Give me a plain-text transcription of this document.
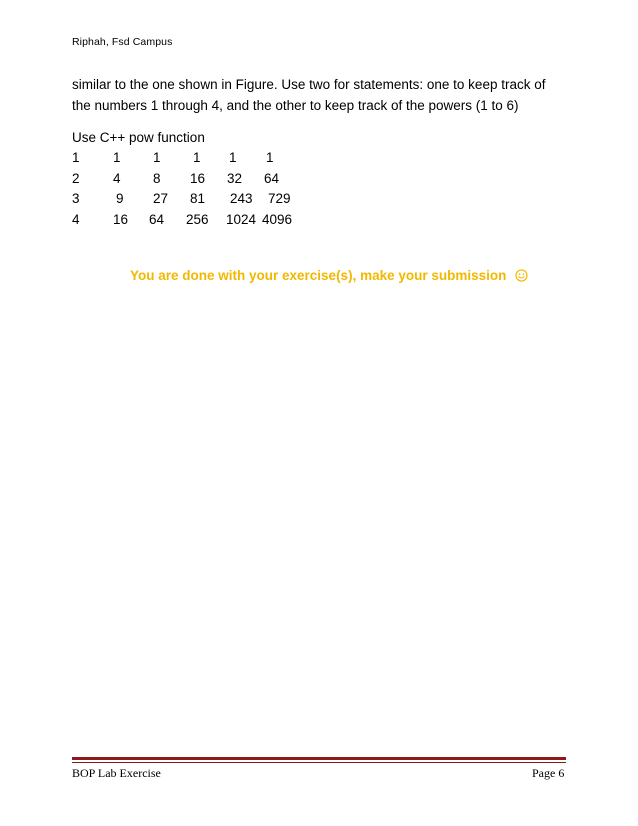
Riphah, Fsd Campus
similar to the one shown in Figure. Use two for statements: one to keep track of
the numbers 1 through 4, and the other to keep track of the powers (1 to 6)
Use C++ pow function
1 1 1 1 1 1
2 4 8 16 32 64
3	9 27 81 243 729
4 16 64 256 1024 4096
You are done with your exercise(s), make your submission
BOP Lab Exercise	Page 6
